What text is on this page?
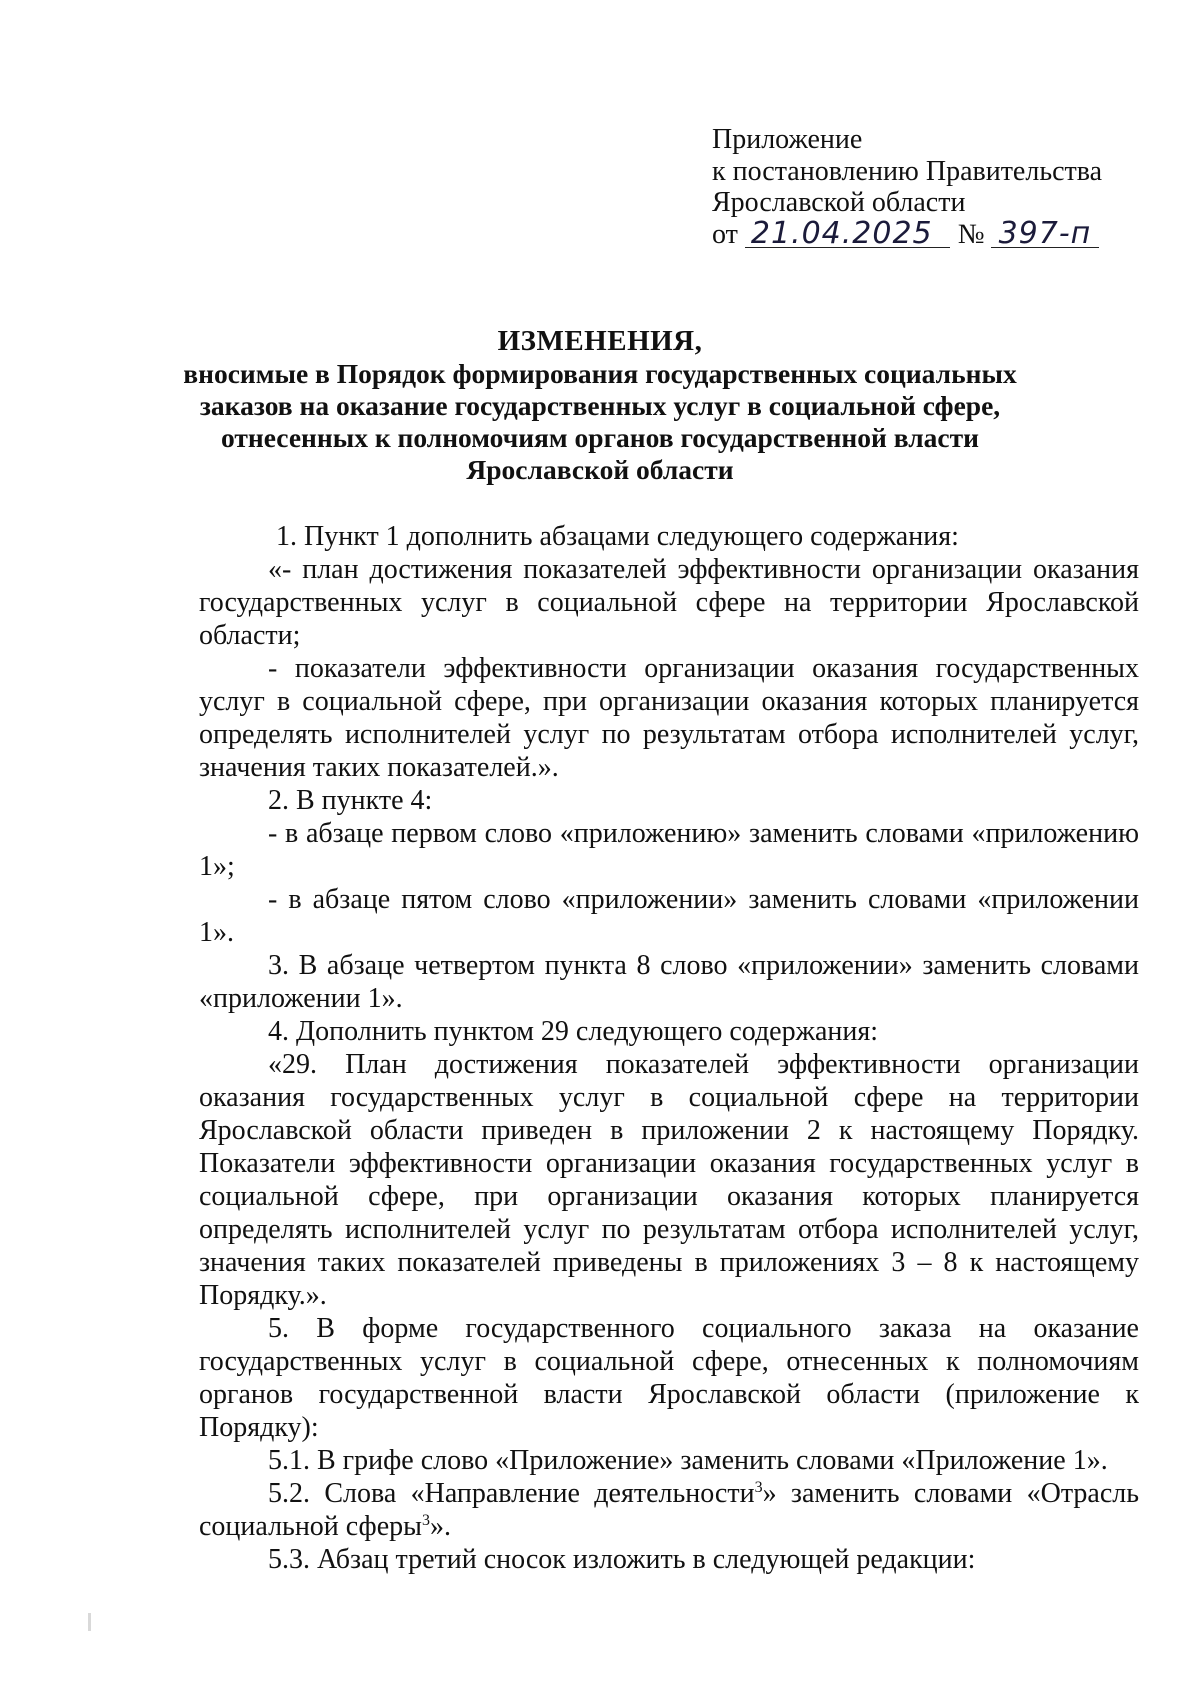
Приложение
к постановлению Правительства
Ярославской области
от 21.04.2025 № 397-п
ИЗМЕНЕНИЯ,
вносимые в Порядок формирования государственных социальных
заказов на оказание государственных услуг в социальной сфере,
отнесенных к полномочиям органов государственной власти
Ярославской области

1. Пункт 1 дополнить абзацами следующего содержания:

«- план достижения показателей эффективности организации оказания государственных услуг в социальной сфере на территории Ярославской области;

- показатели эффективности организации оказания государственных услуг в социальной сфере, при организации оказания которых планируется определять исполнителей услуг по результатам отбора исполнителей услуг, значения таких показателей.».

2. В пункте 4:

- в абзаце первом слово «приложению» заменить словами «приложению 1»;

- в абзаце пятом слово «приложении» заменить словами «приложении 1».

3. В абзаце четвертом пункта 8 слово «приложении» заменить словами «приложении 1».

4. Дополнить пунктом 29 следующего содержания:

«29. План достижения показателей эффективности организации оказания государственных услуг в социальной сфере на территории Ярославской области приведен в приложении 2 к настоящему Порядку. Показатели эффективности организации оказания государственных услуг в социальной сфере, при организации оказания которых планируется определять исполнителей услуг по результатам отбора исполнителей услуг, значения таких показателей приведены в приложениях 3 – 8 к настоящему Порядку.».

5. В форме государственного социального заказа на оказание государственных услуг в социальной сфере, отнесенных к полномочиям органов государственной власти Ярославской области (приложение к Порядку):

5.1. В грифе слово «Приложение» заменить словами «Приложение 1».

5.2. Слова «Направление деятельности$^3$» заменить словами «Отрасль социальной сферы$^3$».

5.3. Абзац третий сносок изложить в следующей редакции:
